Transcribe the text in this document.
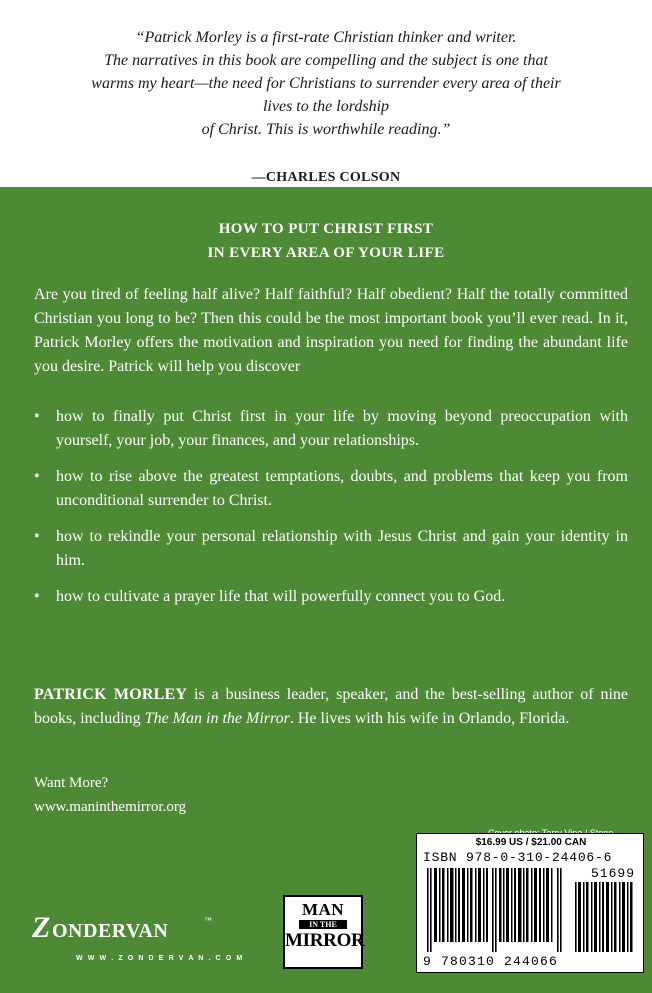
“Patrick Morley is a first-rate Christian thinker and writer.
The narratives in this book are compelling and the subject is one that
warms my heart—the need for Christians to surrender every area of their
lives to the lordship
of Christ. This is worthwhile reading.”
—CHARLES COLSON
HOW TO PUT CHRIST FIRST
IN EVERY AREA OF YOUR LIFE
Are you tired of feeling half alive? Half faithful? Half obedient? Half the totally committed Christian you long to be? Then this could be the most important book you’ll ever read. In it, Patrick Morley offers the motivation and inspiration you need for finding the abundant life you desire. Patrick will help you discover
• how to finally put Christ first in your life by moving beyond preoccupation with yourself, your job, your finances, and your relationships.
• how to rise above the greatest temptations, doubts, and problems that keep you from unconditional surrender to Christ.
• how to rekindle your personal relationship with Jesus Christ and gain your identity in him.
• how to cultivate a prayer life that will powerfully connect you to God.
PATRICK MORLEY is a business leader, speaker, and the best-selling author of nine books, including The Man in the Mirror. He lives with his wife in Orlando, Florida.
Want More?
www.maninthemirror.org
$16.99 US / $21.00 CAN
ISBN 978-0-310-24406-6
51699
9 780310 244066
Z ONDERVAN	™
W W W . Z O N D E R V A N . C O M
MAN
IN THE
MIRROR
